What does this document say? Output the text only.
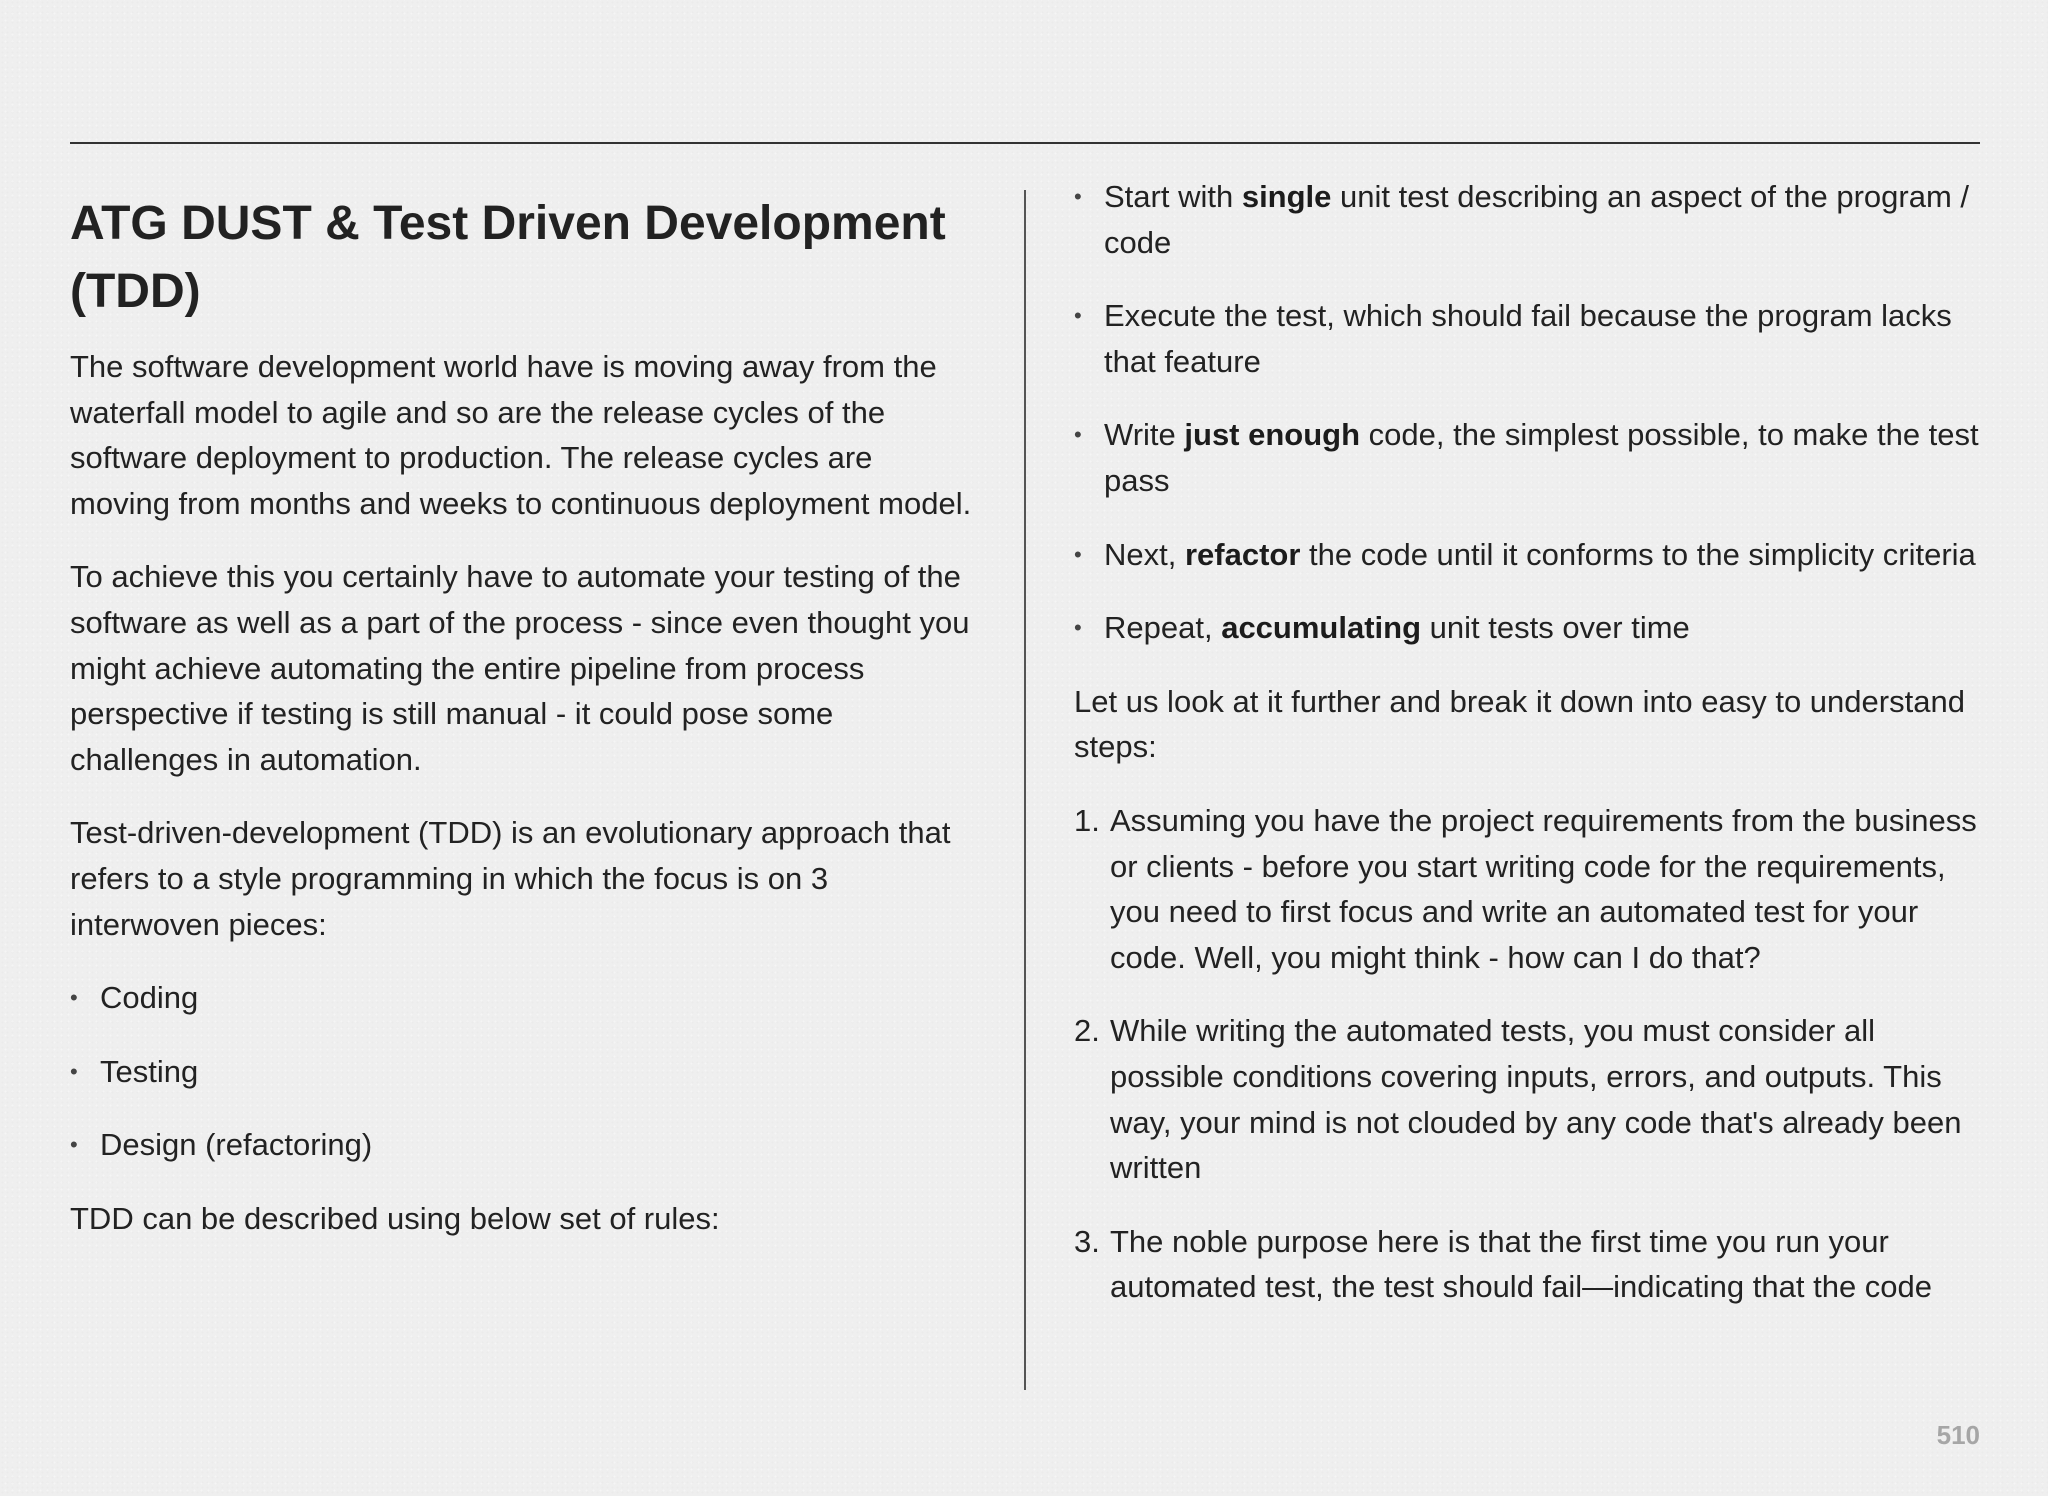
ATG DUST & Test Driven Development (TDD)

The software development world have is moving away from the waterfall model to agile and so are the release cycles of the software deployment to production. The release cycles are moving from months and weeks to continuous deployment model.

To achieve this you certainly have to automate your testing of the software as well as a part of the process - since even thought you might achieve automating the entire pipeline from process perspective if testing is still manual - it could pose some challenges in automation.

Test-driven-development (TDD) is an evolutionary approach that refers to a style programming in which the focus is on 3 interwoven pieces:

• Coding
• Testing
• Design (refactoring)

TDD can be described using below set of rules:

• Start with single unit test describing an aspect of the program / code
• Execute the test, which should fail because the program lacks that feature
• Write just enough code, the simplest possible, to make the test pass
• Next, refactor the code until it conforms to the simplicity criteria
• Repeat, accumulating unit tests over time

Let us look at it further and break it down into easy to understand steps:

1. Assuming you have the project requirements from the business or clients - before you start writing code for the requirements, you need to first focus and write an automated test for your code. Well, you might think - how can I do that?
2. While writing the automated tests, you must consider all possible conditions covering inputs, errors, and outputs. This way, your mind is not clouded by any code that's already been written
3. The noble purpose here is that the first time you run your automated test, the test should fail—indicating that the code
510
